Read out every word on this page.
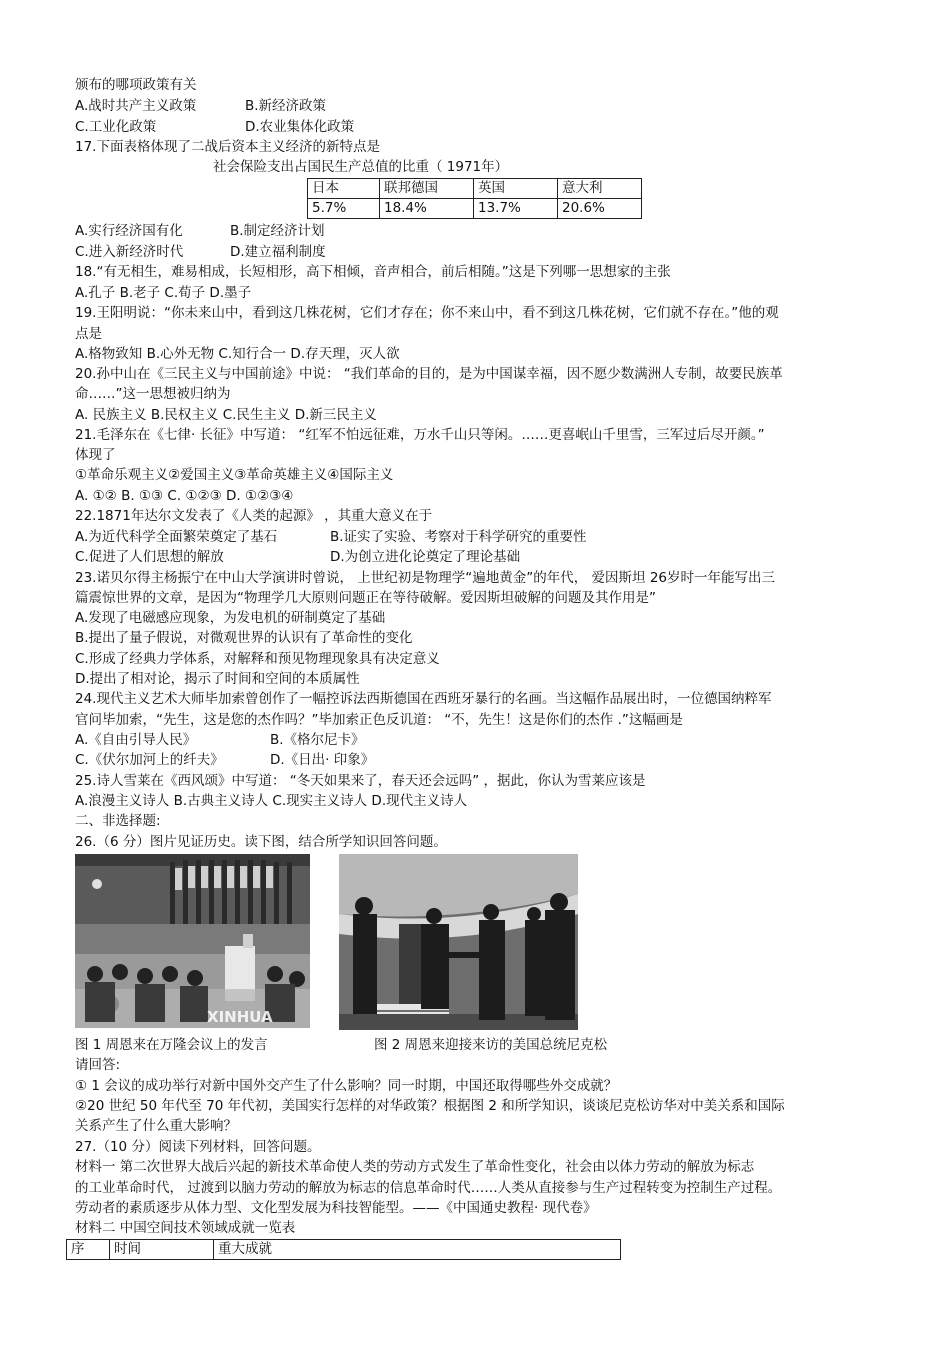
颁布的哪项政策有关
A.战时共产主义政策	B.新经济政策
C.工业化政策	D.农业集体化政策
17.下面表格体现了二战后资本主义经济的新特点是
社会保险支出占国民生产总值的比重（ 1971年）
日本	联邦德国	英国	意大利
5.7%	18.4%	13.7%	20.6%
A.实行经济国有化	B.制定经济计划
C.进入新经济时代	D.建立福利制度
18.“有无相生，难易相成，长短相形，高下相倾，音声相合，前后相随。”这是下列哪一思想家的主张
A.孔子 B.老子 C.荀子 D.墨子
19.王阳明说：“你未来山中，看到这几株花树，它们才存在；你不来山中，看不到这几株花树，它们就不存在。”他的观
点是
A.格物致知 B.心外无物 C.知行合一 D.存天理，灭人欲
20.孙中山在《三民主义与中国前途》中说： “我们革命的目的，是为中国谋幸福，因不愿少数满洲人专制，故要民族革
命……”这一思想被归纳为
A. 民族主义 B.民权主义 C.民生主义 D.新三民主义
21.毛泽东在《七律· 长征》中写道： “红军不怕远征难，万水千山只等闲。……更喜岷山千里雪，三军过后尽开颜。”
体现了
①革命乐观主义②爱国主义③革命英雄主义④国际主义
A. ①② B. ①③ C. ①②③ D. ①②③④
22.1871年达尔文发表了《人类的起源》 ，其重大意义在于
A.为近代科学全面繁荣奠定了基石	B.证实了实验、考察对于科学研究的重要性
C.促进了人们思想的解放	D.为创立进化论奠定了理论基础
23.诺贝尔得主杨振宁在中山大学演讲时曾说， 上世纪初是物理学“遍地黄金”的年代， 爱因斯坦 26岁时一年能写出三
篇震惊世界的文章，是因为“物理学几大原则问题正在等待破解。爱因斯坦破解的问题及其作用是”
A.发现了电磁感应现象，为发电机的研制奠定了基础
B.提出了量子假说，对微观世界的认识有了革命性的变化
C.形成了经典力学体系，对解释和预见物理现象具有决定意义
D.提出了相对论，揭示了时间和空间的本质属性
24.现代主义艺术大师毕加索曾创作了一幅控诉法西斯德国在西班牙暴行的名画。当这幅作品展出时，一位德国纳粹军
官问毕加索，“先生，这是您的杰作吗？”毕加索正色反讥道： “不，先生！这是你们的杰作 .”这幅画是
A.《自由引导人民》	B.《格尔尼卡》
C.《伏尔加河上的纤夫》	D.《日出· 印象》
25.诗人雪莱在《西风颂》中写道： “冬天如果来了，春天还会远吗” ，据此，你认为雪莱应该是
A.浪漫主义诗人 B.古典主义诗人 C.现实主义诗人 D.现代主义诗人
二、非选择题:
26.（6 分）图片见证历史。读下图，结合所学知识回答问题。
XINHUA
图 1 周恩来在万隆会议上的发言	图 2 周恩来迎接来访的美国总统尼克松
请回答:
① 1 会议的成功举行对新中国外交产生了什么影响？同一时期，中国还取得哪些外交成就？
②20 世纪 50 年代至 70 年代初，美国实行怎样的对华政策？根据图 2 和所学知识，谈谈尼克松访华对中美关系和国际
关系产生了什么重大影响？
27.（10 分）阅读下列材料，回答问题。
材料一 第二次世界大战后兴起的新技术革命使人类的劳动方式发生了革命性变化，社会由以体力劳动的解放为标志
的工业革命时代， 过渡到以脑力劳动的解放为标志的信息革命时代……人类从直接参与生产过程转变为控制生产过程。
劳动者的素质逐步从体力型、文化型发展为科技智能型。——《中国通史教程· 现代卷》
材料二 中国空间技术领域成就一览表
序	时间	重大成就
